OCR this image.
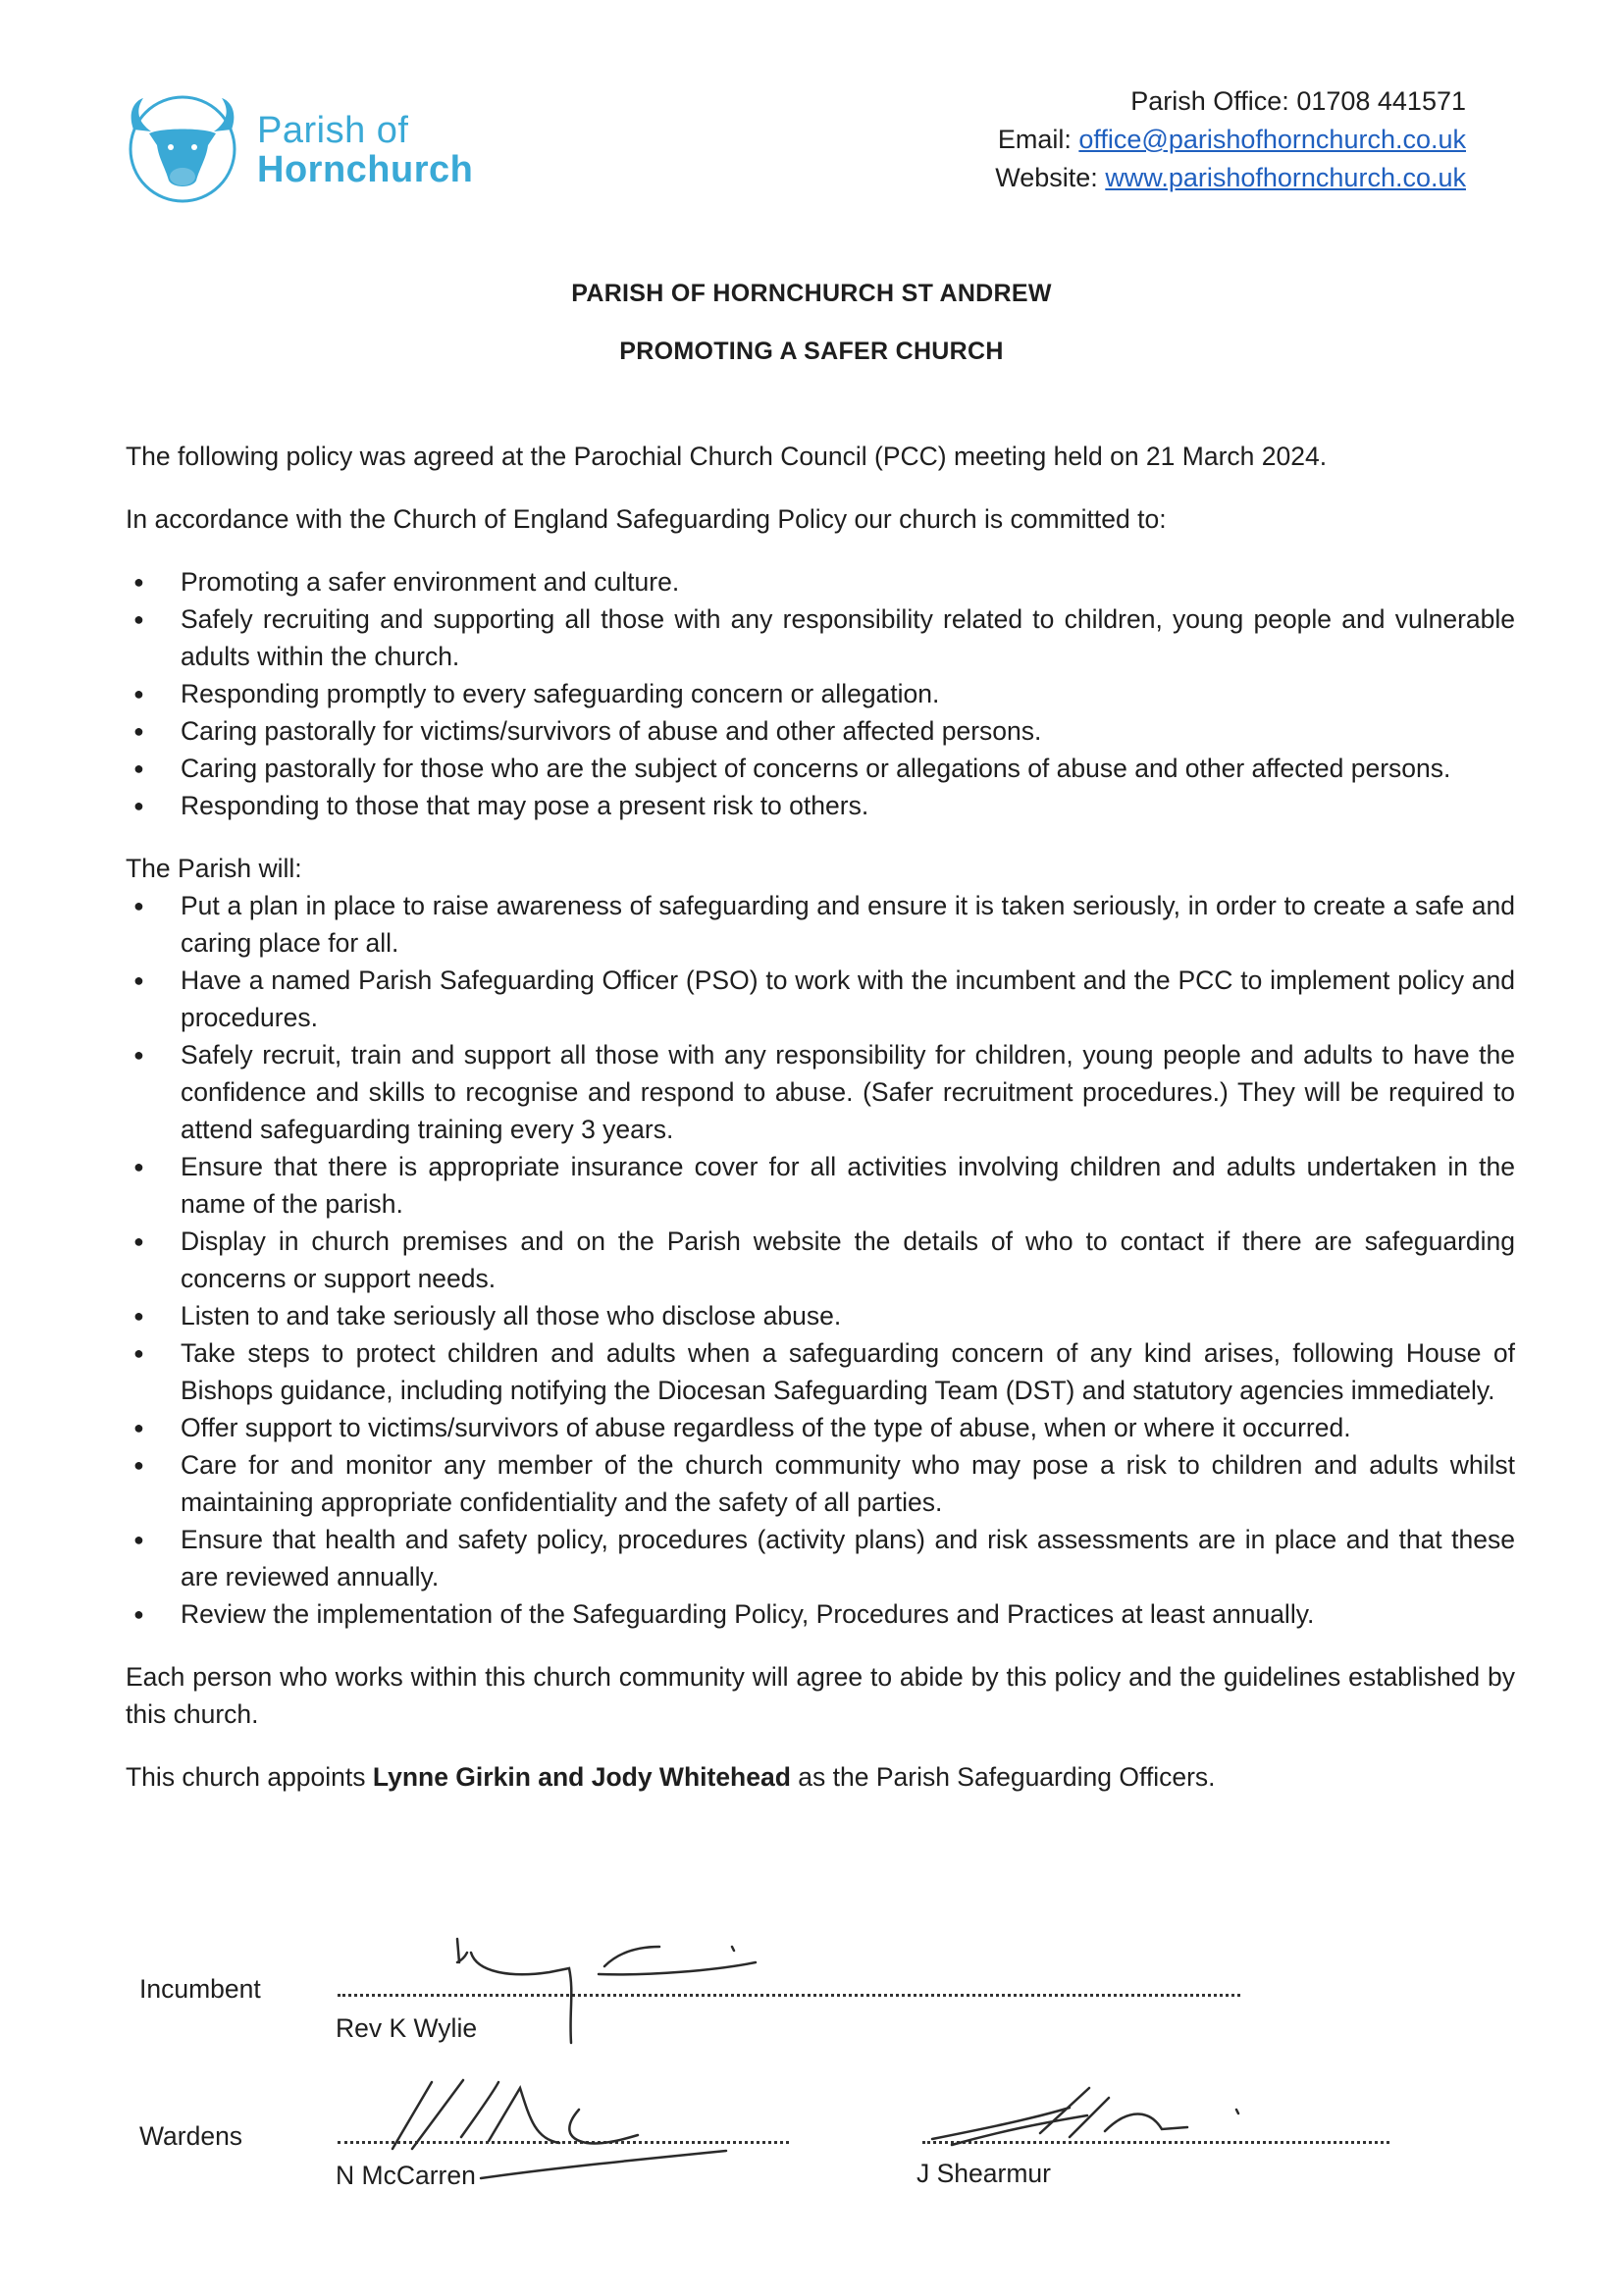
Parish of
Hornchurch
Parish Office: 01708 441571
Email: office@parishofhornchurch.co.uk
Website: www.parishofhornchurch.co.uk
PARISH OF HORNCHURCH ST ANDREW
PROMOTING A SAFER CHURCH

The following policy was agreed at the Parochial Church Council (PCC) meeting held on 21 March 2024.

In accordance with the Church of England Safeguarding Policy our church is committed to:

● Promoting a safer environment and culture.
● Safely recruiting and supporting all those with any responsibility related to children, young people and vulnerable adults within the church.
● Responding promptly to every safeguarding concern or allegation.
● Caring pastorally for victims/survivors of abuse and other affected persons.
● Caring pastorally for those who are the subject of concerns or allegations of abuse and other affected persons.
● Responding to those that may pose a present risk to others.

The Parish will:

● Put a plan in place to raise awareness of safeguarding and ensure it is taken seriously, in order to create a safe and caring place for all.
● Have a named Parish Safeguarding Officer (PSO) to work with the incumbent and the PCC to implement policy and procedures.
● Safely recruit, train and support all those with any responsibility for children, young people and adults to have the confidence and skills to recognise and respond to abuse. (Safer recruitment procedures.) They will be required to attend safeguarding training every 3 years.
● Ensure that there is appropriate insurance cover for all activities involving children and adults undertaken in the name of the parish.
● Display in church premises and on the Parish website the details of who to contact if there are safeguarding concerns or support needs.
● Listen to and take seriously all those who disclose abuse.
● Take steps to protect children and adults when a safeguarding concern of any kind arises, following House of Bishops guidance, including notifying the Diocesan Safeguarding Team (DST) and statutory agencies immediately.
● Offer support to victims/survivors of abuse regardless of the type of abuse, when or where it occurred.
● Care for and monitor any member of the church community who may pose a risk to children and adults whilst maintaining appropriate confidentiality and the safety of all parties.
● Ensure that health and safety policy, procedures (activity plans) and risk assessments are in place and that these are reviewed annually.
● Review the implementation of the Safeguarding Policy, Procedures and Practices at least annually.

Each person who works within this church community will agree to abide by this policy and the guidelines established by this church.

This church appoints Lynne Girkin and Jody Whitehead as the Parish Safeguarding Officers.

Incumbent
Rev K Wylie
Wardens
N McCarren	J Shearmur
